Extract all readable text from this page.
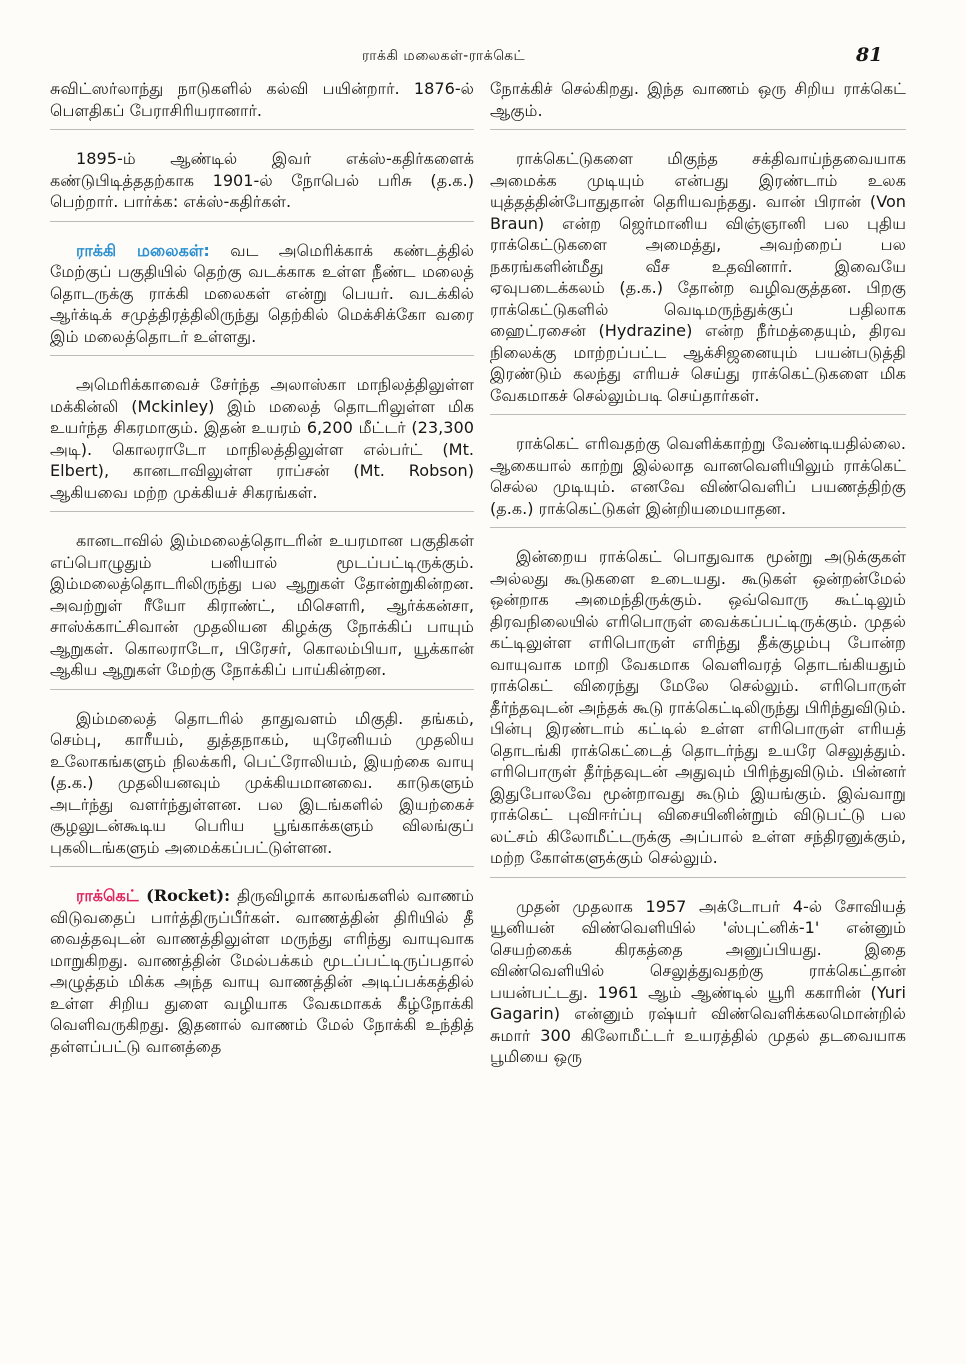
ராக்கி மலைகள்-ராக்கெட்	81

சுவிட்ஸர்லாந்து நாடுகளில் கல்வி பயின்றார். 1876-ல் பௌதிகப் பேராசிரியரானார்.

1895-ம் ஆண்டில் இவர் எக்ஸ்-கதிர்களைக் கண்டுபிடித்ததற்காக 1901-ல் நோபெல் பரிசு (த.க.) பெற்றார். பார்க்க: எக்ஸ்-கதிர்கள்.

ராக்கி மலைகள்: வட அமெரிக்காக் கண்டத்தில் மேற்குப் பகுதியில் தெற்கு வடக்காக உள்ள நீண்ட மலைத் தொடருக்கு ராக்கி மலைகள் என்று பெயர். வடக்கில் ஆர்க்டிக் சமுத்திரத்திலிருந்து தெற்கில் மெக்சிக்கோ வரை இம் மலைத்தொடர் உள்ளது.

அமெரிக்காவைச் சேர்ந்த அலாஸ்கா மாநிலத்திலுள்ள மக்கின்லி (Mckinley) இம் மலைத் தொடரிலுள்ள மிக உயர்ந்த சிகரமாகும். இதன் உயரம் 6,200 மீட்டர் (23,300 அடி). கொலராடோ மாநிலத்திலுள்ள எல்பர்ட் (Mt. Elbert), கானடாவிலுள்ள ராப்சன் (Mt. Robson) ஆகியவை மற்ற முக்கியச் சிகரங்கள்.

கானடாவில் இம்மலைத்தொடரின் உயரமான பகுதிகள் எப்பொழுதும் பனியால் மூடப்பட்டிருக்கும். இம்மலைத்தொடரிலிருந்து பல ஆறுகள் தோன்றுகின்றன. அவற்றுள் ரீயோ கிராண்ட், மிசௌரி, ஆர்க்கன்சா, சாஸ்க்காட்சிவான் முதலியன கிழக்கு நோக்கிப் பாயும் ஆறுகள். கொலராடோ, பிரேசர், கொலம்பியா, யூக்கான் ஆகிய ஆறுகள் மேற்கு நோக்கிப் பாய்கின்றன.

இம்மலைத் தொடரில் தாதுவளம் மிகுதி. தங்கம், செம்பு, காரீயம், துத்தநாகம், யுரேனியம் முதலிய உலோகங்களும் நிலக்கரி, பெட்ரோலியம், இயற்கை வாயு (த.க.) முதலியனவும் முக்கியமானவை. காடுகளும் அடர்ந்து வளர்ந்துள்ளன. பல இடங்களில் இயற்கைச் சூழலுடன்கூடிய பெரிய பூங்காக்களும் விலங்குப் புகலிடங்களும் அமைக்கப்பட்டுள்ளன.

ராக்கெட் (Rocket): திருவிழாக் காலங்களில் வாணம் விடுவதைப் பார்த்திருப்பீர்கள். வாணத்தின் திரியில் தீ வைத்தவுடன் வாணத்திலுள்ள மருந்து எரிந்து வாயுவாக மாறுகிறது. வாணத்தின் மேல்பக்கம் மூடப்பட்டிருப்பதால் அழுத்தம் மிக்க அந்த வாயு வாணத்தின் அடிப்பக்கத்தில் உள்ள சிறிய துளை வழியாக வேகமாகக் கீழ்நோக்கி வெளிவருகிறது. இதனால் வாணம் மேல் நோக்கி உந்தித் தள்ளப்பட்டு வானத்தை

நோக்கிச் செல்கிறது. இந்த வாணம் ஒரு சிறிய ராக்கெட் ஆகும்.

ராக்கெட்டுகளை மிகுந்த சக்திவாய்ந்தவையாக அமைக்க முடியும் என்பது இரண்டாம் உலக யுத்தத்தின்போதுதான் தெரியவந்தது. வான் பிரான் (Von Braun) என்ற ஜெர்மானிய விஞ்ஞானி பல புதிய ராக்கெட்டுகளை அமைத்து, அவற்றைப் பல நகரங்களின்மீது வீச உதவினார். இவையே ஏவுபடைக்கலம் (த.க.) தோன்ற வழிவகுத்தன. பிறகு ராக்கெட்டுகளில் வெடிமருந்துக்குப் பதிலாக ஹைட்ரசைன் (Hydrazine) என்ற நீர்மத்தையும், திரவ நிலைக்கு மாற்றப்பட்ட ஆக்சிஜனையும் பயன்படுத்தி இரண்டும் கலந்து எரியச் செய்து ராக்கெட்டுகளை மிக வேகமாகச் செல்லும்படி செய்தார்கள்.

ராக்கெட் எரிவதற்கு வெளிக்காற்று வேண்டியதில்லை. ஆகையால் காற்று இல்லாத வானவெளியிலும் ராக்கெட் செல்ல முடியும். எனவே விண்வெளிப் பயணத்திற்கு (த.க.) ராக்கெட்டுகள் இன்றியமையாதன.

இன்றைய ராக்கெட் பொதுவாக மூன்று அடுக்குகள் அல்லது கூடுகளை உடையது. கூடுகள் ஒன்றன்மேல் ஒன்றாக அமைந்திருக்கும். ஒவ்வொரு கூட்டிலும் திரவநிலையில் எரிபொருள் வைக்கப்பட்டிருக்கும். முதல் கட்டிலுள்ள எரிபொருள் எரிந்து தீக்குழம்பு போன்ற வாயுவாக மாறி வேகமாக வெளிவரத் தொடங்கியதும் ராக்கெட் விரைந்து மேலே செல்லும். எரிபொருள் தீர்ந்தவுடன் அந்தக் கூடு ராக்கெட்டிலிருந்து பிரிந்துவிடும். பின்பு இரண்டாம் கட்டில் உள்ள எரிபொருள் எரியத் தொடங்கி ராக்கெட்டைத் தொடர்ந்து உயரே செலுத்தும். எரிபொருள் தீர்ந்தவுடன் அதுவும் பிரிந்துவிடும். பின்னர் இதுபோலவே மூன்றாவது கூடும் இயங்கும். இவ்வாறு ராக்கெட் புவிஈர்ப்பு விசையினின்றும் விடுபட்டு பல லட்சம் கிலோமீட்டருக்கு அப்பால் உள்ள சந்திரனுக்கும், மற்ற கோள்களுக்கும் செல்லும்.

முதன் முதலாக 1957 அக்டோபர் 4-ல் சோவியத் யூனியன் விண்வெளியில் 'ஸ்புட்னிக்-1' என்னும் செயற்கைக் கிரகத்தை அனுப்பியது. இதை விண்வெளியில் செலுத்துவதற்கு ராக்கெட்தான் பயன்பட்டது. 1961 ஆம் ஆண்டில் யூரி ககாரின் (Yuri Gagarin) என்னும் ரஷ்யர் விண்வெளிக்கலமொன்றில் சுமார் 300 கிலோமீட்டர் உயரத்தில் முதல் தடவையாக பூமியை ஒரு
